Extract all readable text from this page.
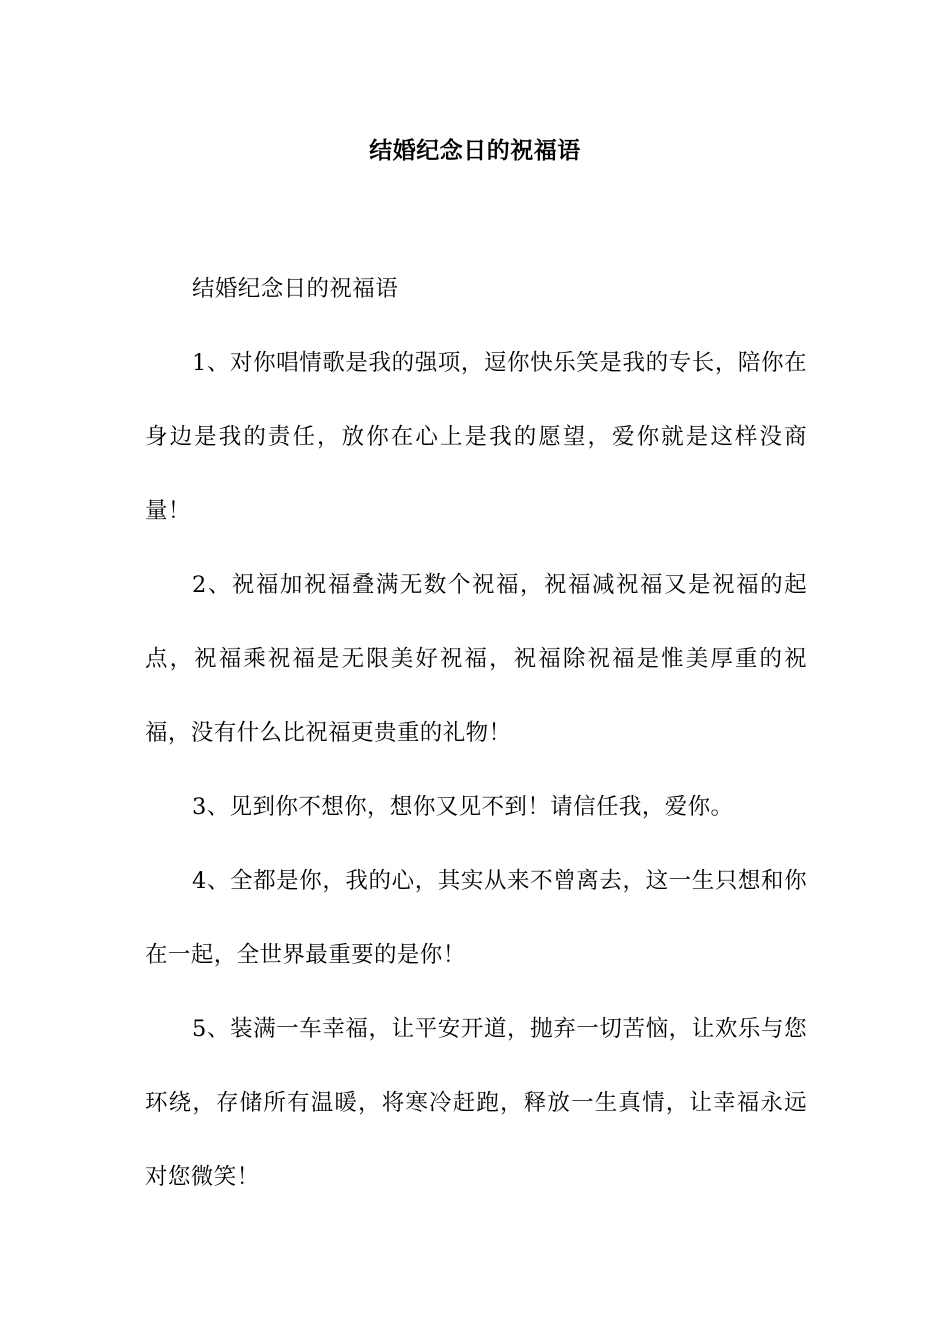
结婚纪念日的祝福语

结婚纪念日的祝福语

1、对你唱情歌是我的强项，逗你快乐笑是我的专长，陪你在身边是我的责任，放你在心上是我的愿望，爱你就是这样没商量！

2、祝福加祝福叠满无数个祝福，祝福减祝福又是祝福的起点，祝福乘祝福是无限美好祝福，祝福除祝福是惟美厚重的祝福，没有什么比祝福更贵重的礼物！

3、见到你不想你，想你又见不到！请信任我，爱你。

4、全都是你，我的心，其实从来不曾离去，这一生只想和你在一起，全世界最重要的是你！

5、装满一车幸福，让平安开道，抛弃一切苦恼，让欢乐与您环绕，存储所有温暖，将寒冷赶跑，释放一生真情，让幸福永远对您微笑！
